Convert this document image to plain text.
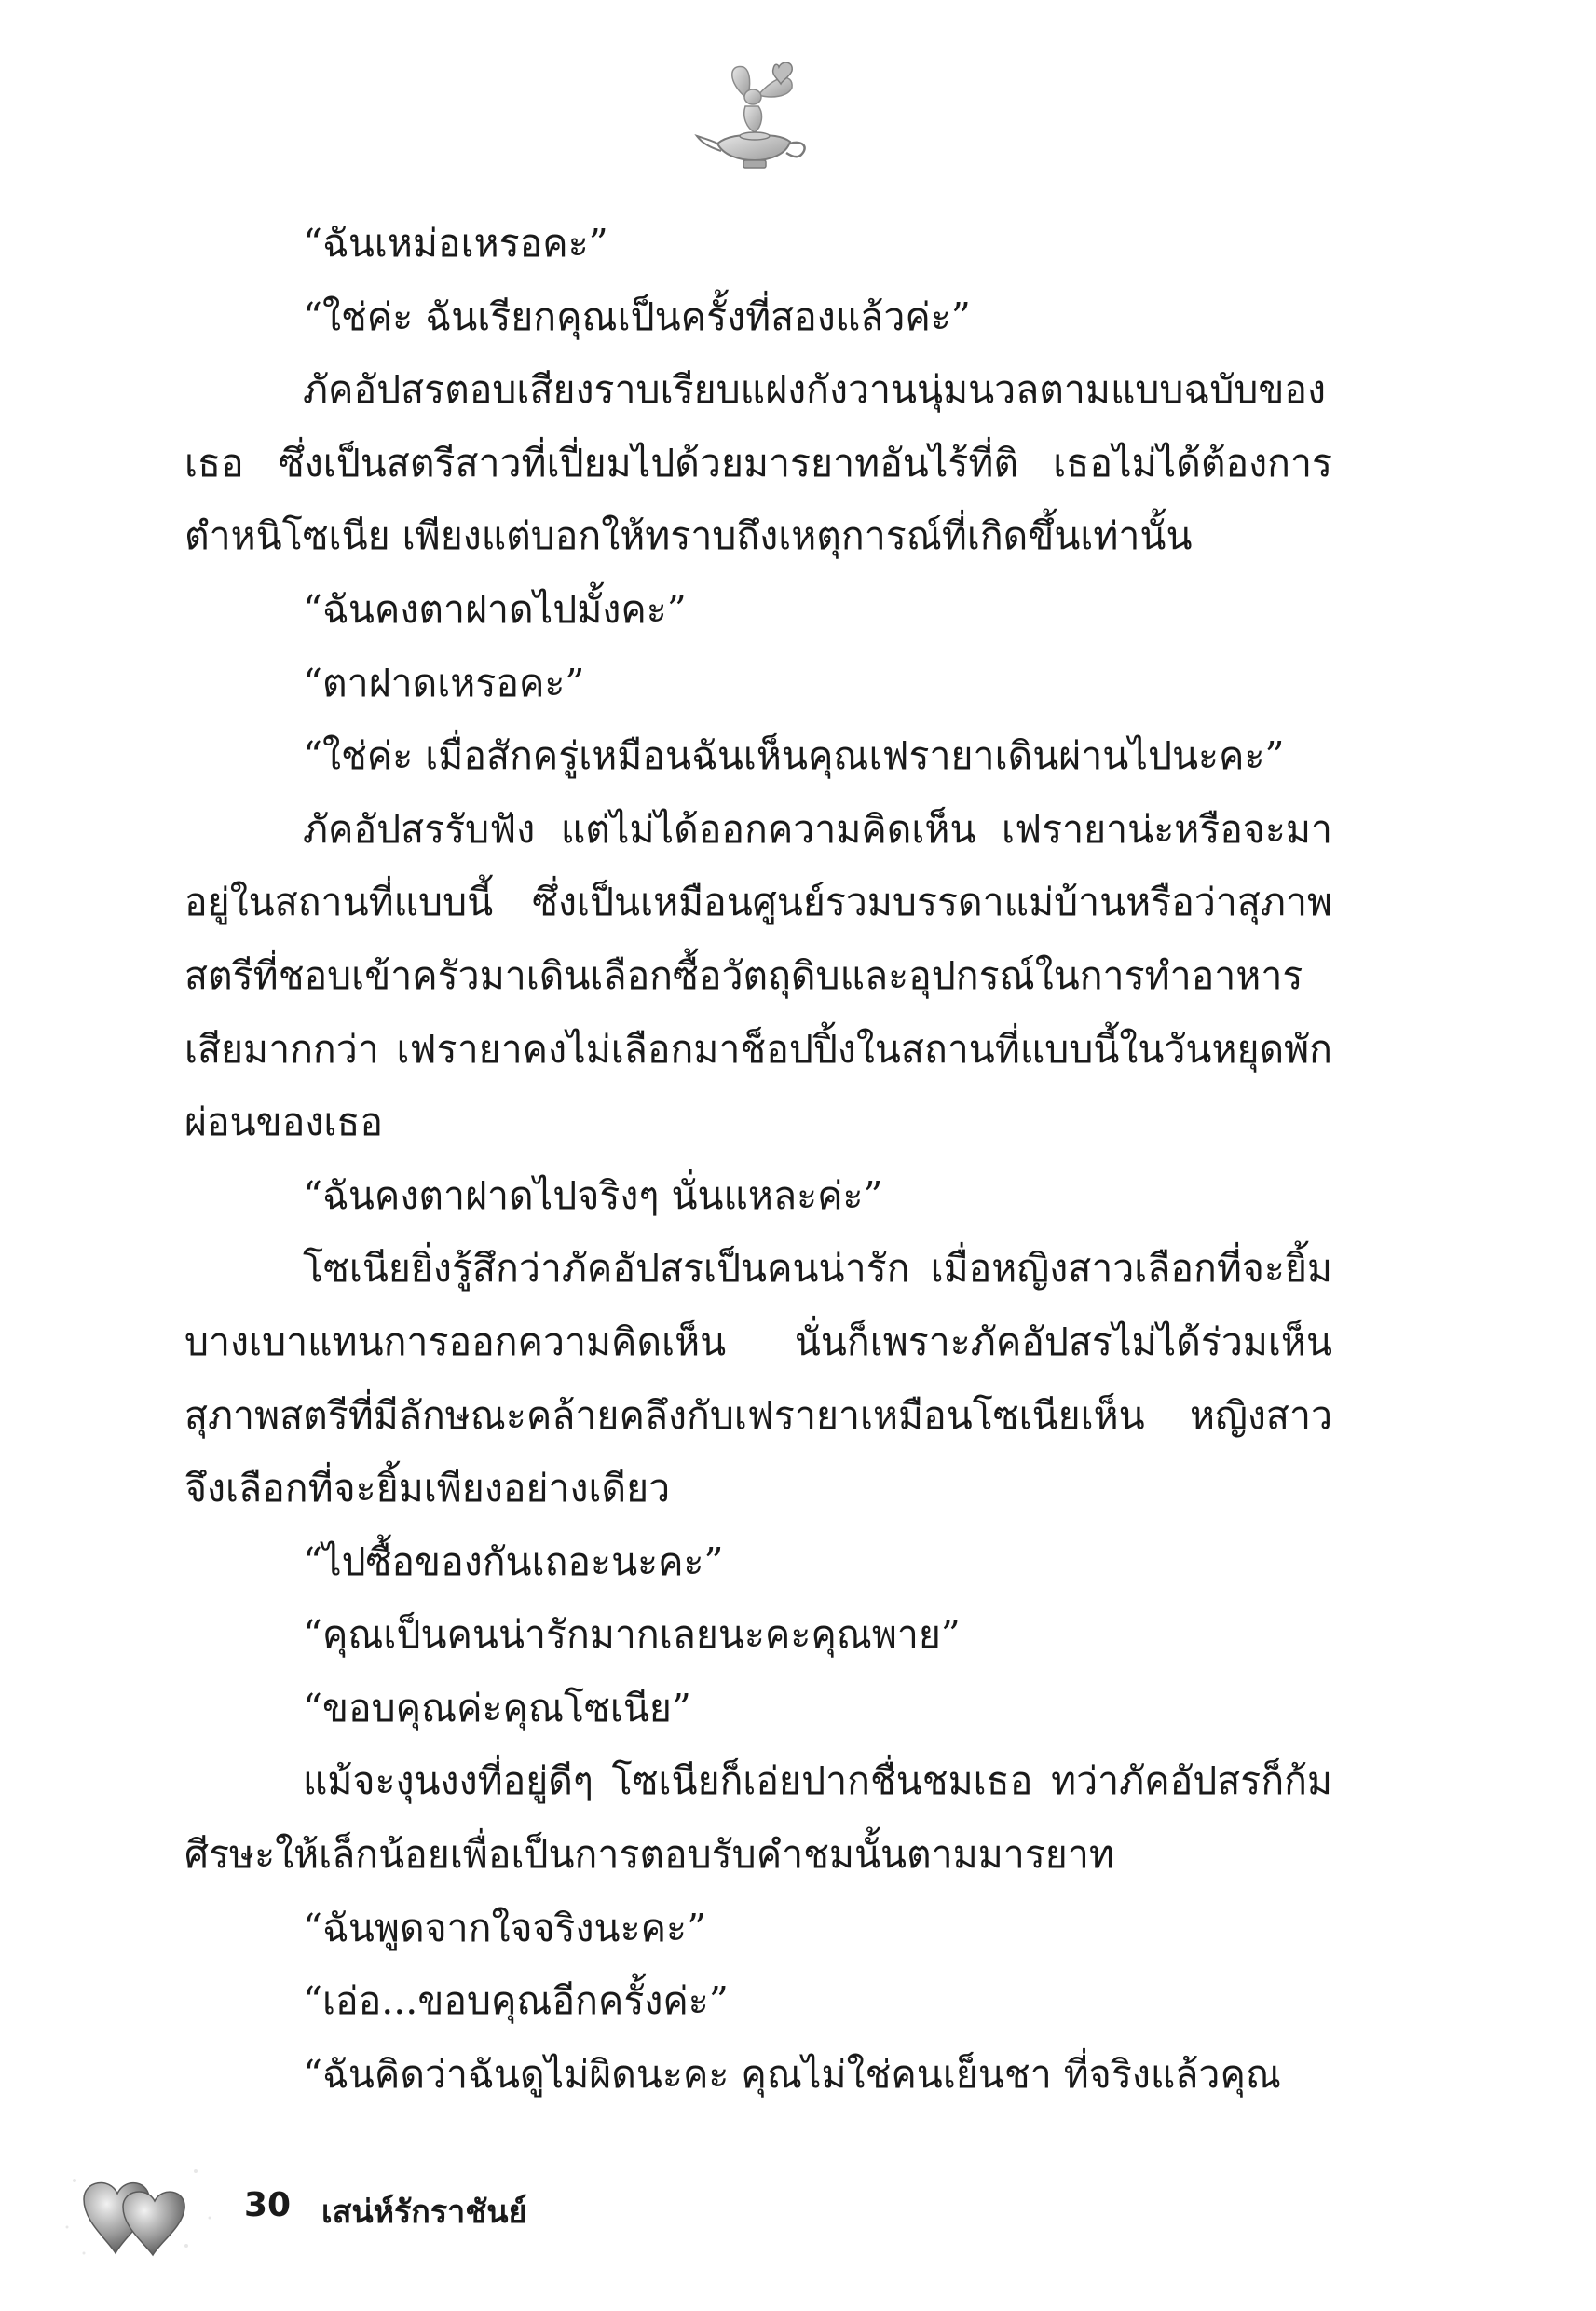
“ฉันเหม่อเหรอคะ”

“ใช่ค่ะ ฉันเรียกคุณเป็นครั้งที่สองแล้วค่ะ”

ภัคอัปสรตอบเสียงราบเรียบแฝงกังวานนุ่มนวลตามแบบฉบับของเธอ ซึ่งเป็นสตรีสาวที่เปี่ยมไปด้วยมารยาทอันไร้ที่ติ เธอไม่ได้ต้องการตำหนิโซเนีย เพียงแต่บอกให้ทราบถึงเหตุการณ์ที่เกิดขึ้นเท่านั้น

“ฉันคงตาฝาดไปมั้งคะ”

“ตาฝาดเหรอคะ”

“ใช่ค่ะ เมื่อสักครู่เหมือนฉันเห็นคุณเฟรายาเดินผ่านไปนะคะ”

ภัคอัปสรรับฟัง แต่ไม่ได้ออกความคิดเห็น เฟรายาน่ะหรือจะมาอยู่ในสถานที่แบบนี้ ซึ่งเป็นเหมือนศูนย์รวมบรรดาแม่บ้านหรือว่าสุภาพสตรีที่ชอบเข้าครัวมาเดินเลือกซื้อวัตถุดิบและอุปกรณ์ในการทำอาหารเสียมากกว่า เฟรายาคงไม่เลือกมาช็อปปิ้งในสถานที่แบบนี้ในวันหยุดพักผ่อนของเธอ

“ฉันคงตาฝาดไปจริงๆ นั่นแหละค่ะ”

โซเนียยิ่งรู้สึกว่าภัคอัปสรเป็นคนน่ารัก เมื่อหญิงสาวเลือกที่จะยิ้มบางเบาแทนการออกความคิดเห็น นั่นก็เพราะภัคอัปสรไม่ได้ร่วมเห็นสุภาพสตรีที่มีลักษณะคล้ายคลึงกับเฟรายาเหมือนโซเนียเห็น หญิงสาวจึงเลือกที่จะยิ้มเพียงอย่างเดียว

“ไปซื้อของกันเถอะนะคะ”

“คุณเป็นคนน่ารักมากเลยนะคะคุณพาย”

“ขอบคุณค่ะคุณโซเนีย”

แม้จะงุนงงที่อยู่ดีๆ โซเนียก็เอ่ยปากชื่นชมเธอ ทว่าภัคอัปสรก็ก้มศีรษะให้เล็กน้อยเพื่อเป็นการตอบรับคำชมนั้นตามมารยาท

“ฉันพูดจากใจจริงนะคะ”

“เอ่อ...ขอบคุณอีกครั้งค่ะ”

“ฉันคิดว่าฉันดูไม่ผิดนะคะ คุณไม่ใช่คนเย็นชา ที่จริงแล้วคุณ

30 เสน่ห์รักราชันย์
